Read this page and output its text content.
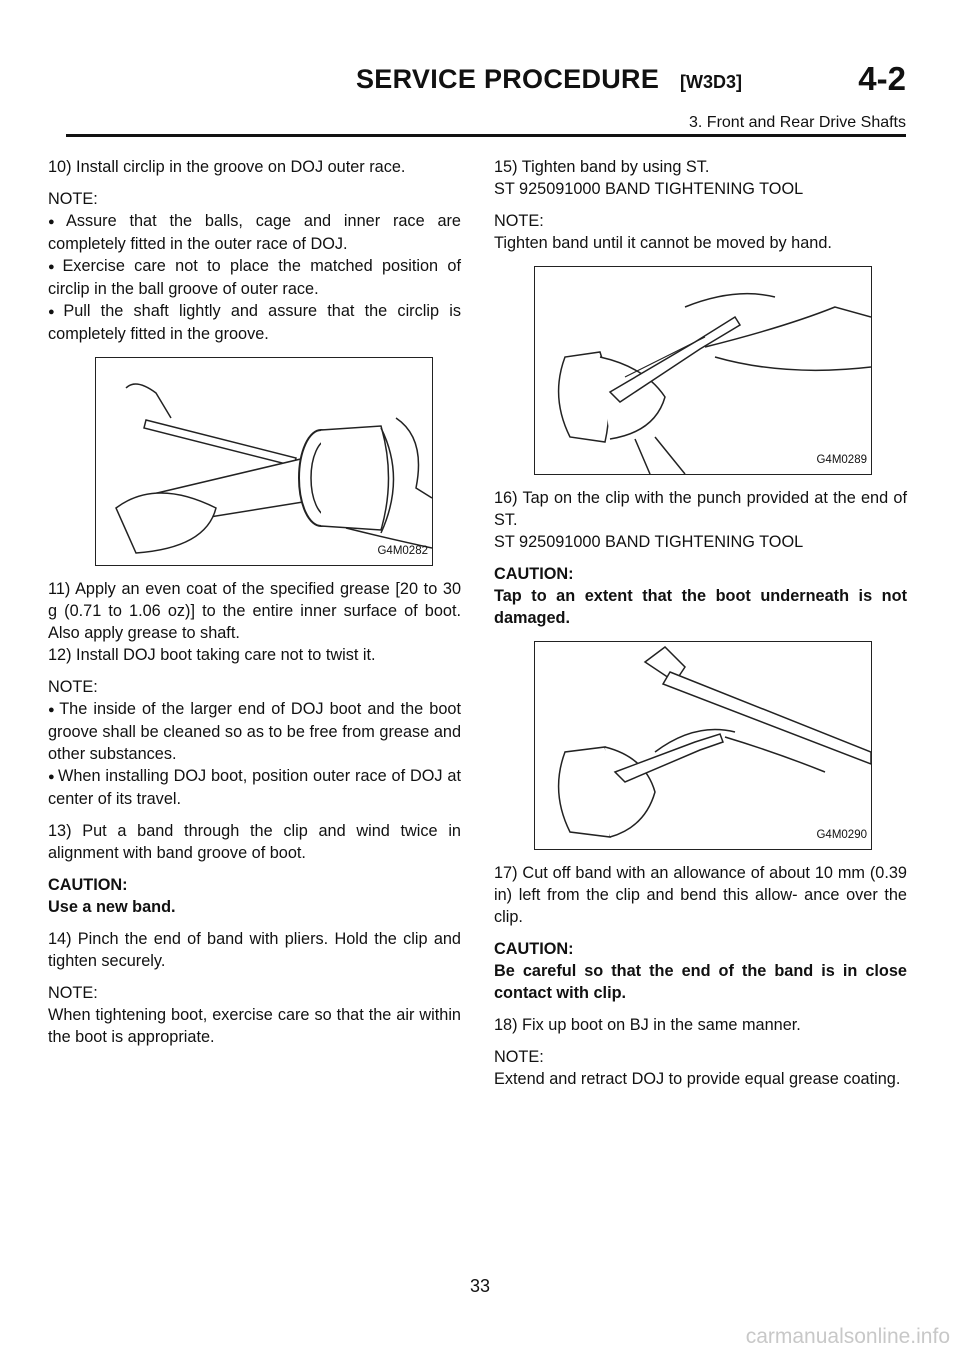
SERVICE PROCEDURE [W3D3]	4-2
3. Front and Rear Drive Shafts

10) Install circlip in the groove on DOJ outer race.

NOTE:

● Assure that the balls, cage and inner race are completely fitted in the outer race of DOJ.

● Exercise care not to place the matched position of circlip in the ball groove of outer race.

● Pull the shaft lightly and assure that the circlip is completely fitted in the groove.

G4M0282

11) Apply an even coat of the specified grease [20 to 30 g (0.71 to 1.06 oz)] to the entire inner surface of boot. Also apply grease to shaft.

12) Install DOJ boot taking care not to twist it.

NOTE:

● The inside of the larger end of DOJ boot and the boot groove shall be cleaned so as to be free from grease and other substances.

● When installing DOJ boot, position outer race of DOJ at center of its travel.

13) Put a band through the clip and wind twice in alignment with band groove of boot.

CAUTION:

Use a new band.

14) Pinch the end of band with pliers. Hold the clip and tighten securely.

NOTE:

When tightening boot, exercise care so that the air within the boot is appropriate.

15) Tighten band by using ST.

ST 925091000 BAND TIGHTENING TOOL

NOTE:

Tighten band until it cannot be moved by hand.

G4M0289

16) Tap on the clip with the punch provided at the end of ST.

ST 925091000 BAND TIGHTENING TOOL

CAUTION:

Tap to an extent that the boot underneath is not damaged.

G4M0290

17) Cut off band with an allowance of about 10 mm (0.39 in) left from the clip and bend this allow- ance over the clip.

CAUTION:

Be careful so that the end of the band is in close contact with clip.

18) Fix up boot on BJ in the same manner.

NOTE:

Extend and retract DOJ to provide equal grease coating.

33
carmanualsonline.info
